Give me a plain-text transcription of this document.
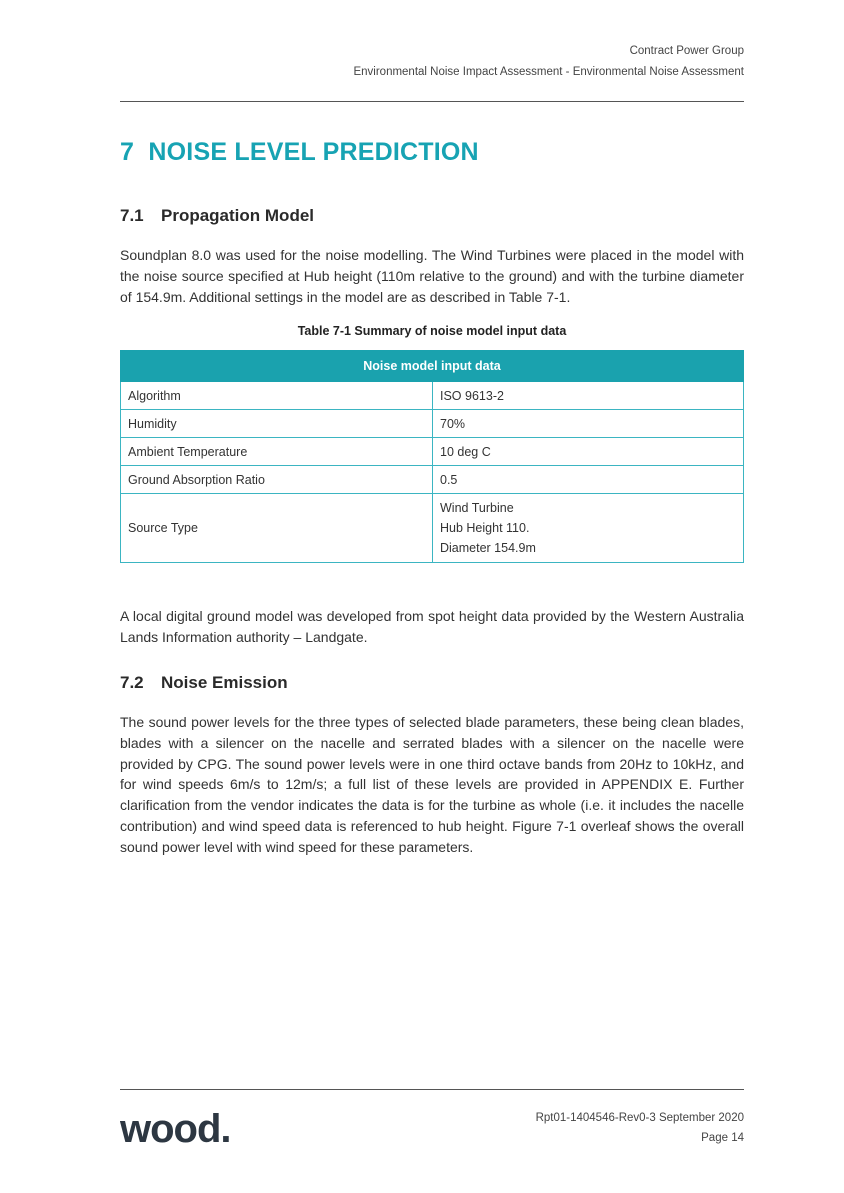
Contract Power Group
Environmental Noise Impact Assessment - Environmental Noise Assessment
7 NOISE LEVEL PREDICTION
7.1 Propagation Model
Soundplan 8.0 was used for the noise modelling. The Wind Turbines were placed in the model with the noise source specified at Hub height (110m relative to the ground) and with the turbine diameter of 154.9m. Additional settings in the model are as described in Table 7-1.
Table 7-1 Summary of noise model input data
Noise model input data	
Algorithm	ISO 9613-2
Humidity	70%
Ambient Temperature	10 deg C
Ground Absorption Ratio	0.5
Source Type	Wind Turbine
Hub Height 110.
Diameter 154.9m
A local digital ground model was developed from spot height data provided by the Western Australia Lands Information authority – Landgate.
7.2 Noise Emission
The sound power levels for the three types of selected blade parameters, these being clean blades, blades with a silencer on the nacelle and serrated blades with a silencer on the nacelle were provided by CPG. The sound power levels were in one third octave bands from 20Hz to 10kHz, and for wind speeds 6m/s to 12m/s; a full list of these levels are provided in APPENDIX E. Further clarification from the vendor indicates the data is for the turbine as whole (i.e. it includes the nacelle contribution) and wind speed data is referenced to hub height. Figure 7-1 overleaf shows the overall sound power level with wind speed for these parameters.
wood.	Rpt01-1404546-Rev0-3 September 2020
Page 14
